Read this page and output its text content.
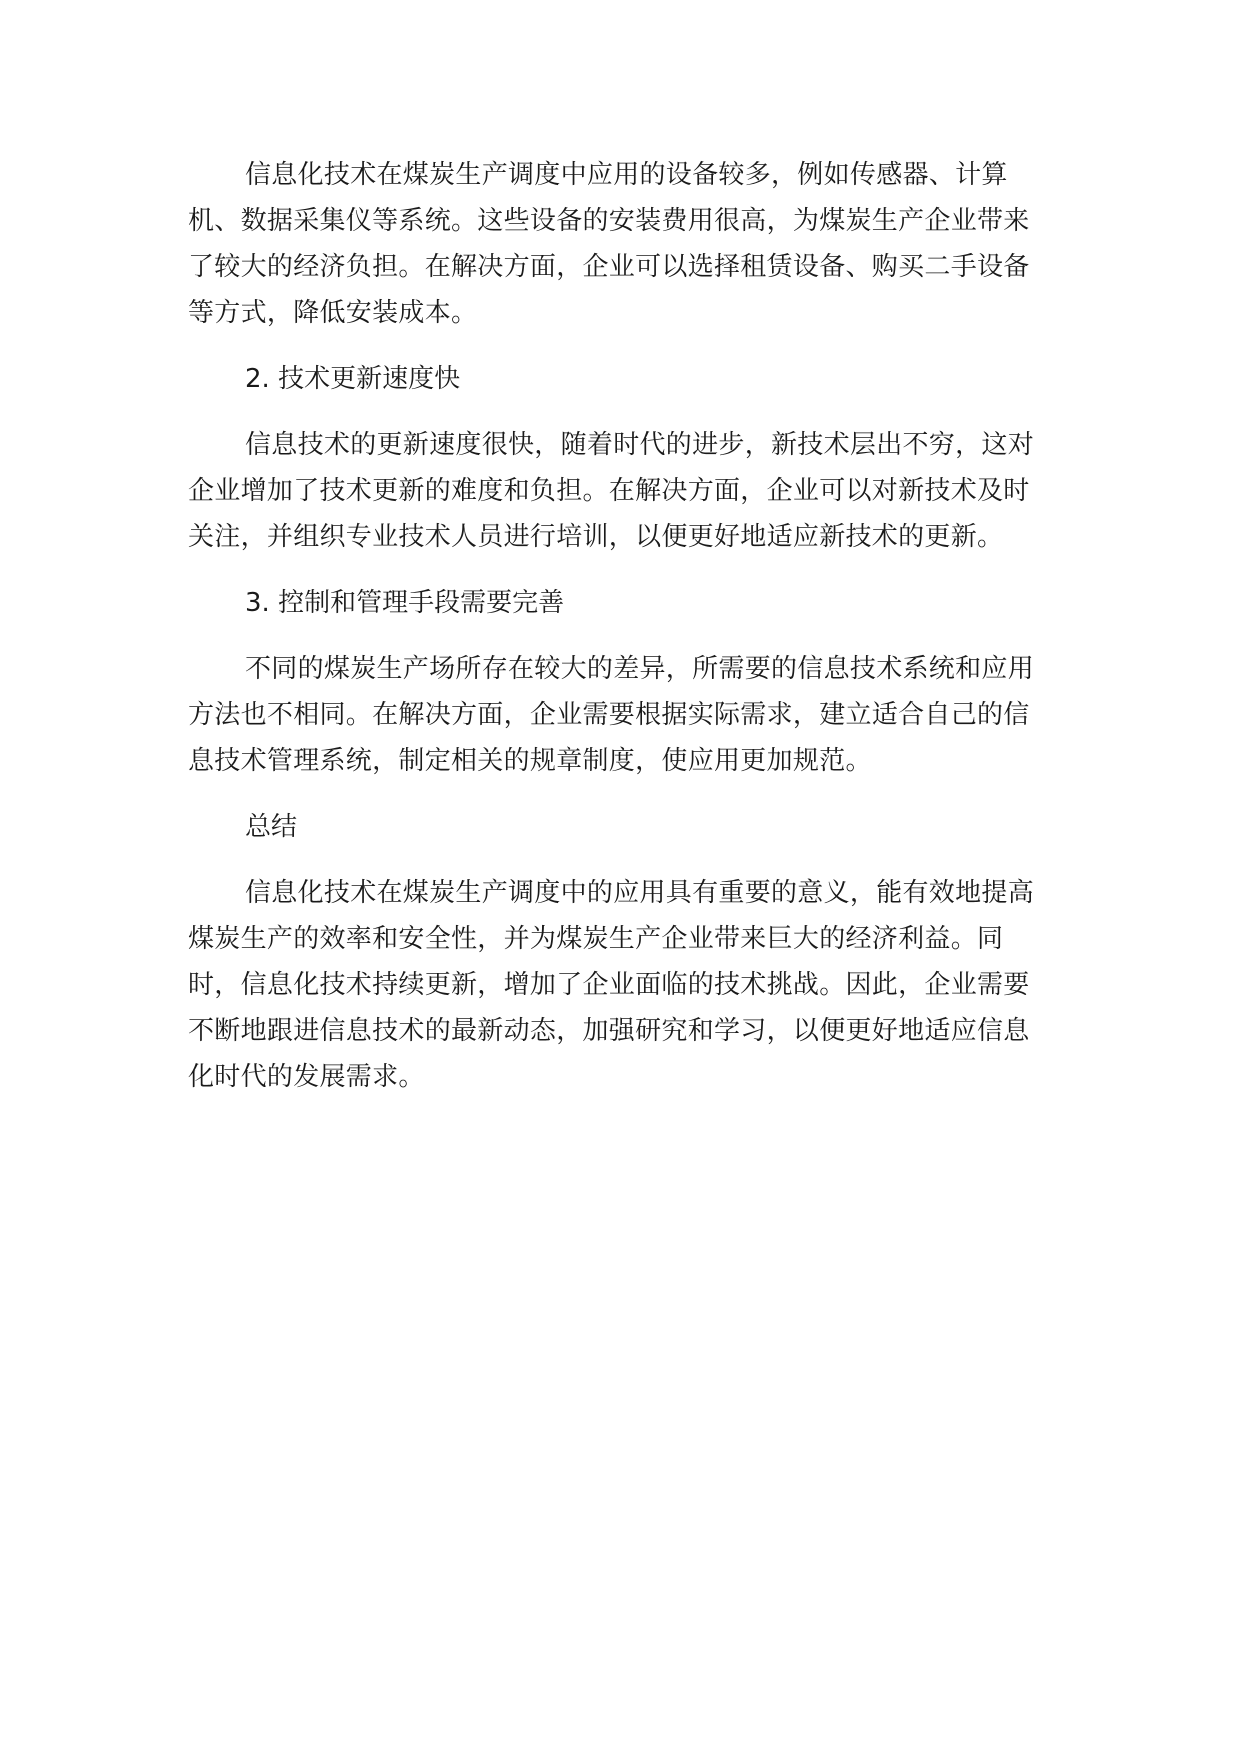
信息化技术在煤炭生产调度中应用的设备较多，例如传感器、计算机、数据采集仪等系统。这些设备的安装费用很高，为煤炭生产企业带来了较大的经济负担。在解决方面，企业可以选择租赁设备、购买二手设备等方式，降低安装成本。

2. 技术更新速度快

信息技术的更新速度很快，随着时代的进步，新技术层出不穷，这对企业增加了技术更新的难度和负担。在解决方面，企业可以对新技术及时关注，并组织专业技术人员进行培训，以便更好地适应新技术的更新。

3. 控制和管理手段需要完善

不同的煤炭生产场所存在较大的差异，所需要的信息技术系统和应用方法也不相同。在解决方面，企业需要根据实际需求，建立适合自己的信息技术管理系统，制定相关的规章制度，使应用更加规范。

总结

信息化技术在煤炭生产调度中的应用具有重要的意义，能有效地提高煤炭生产的效率和安全性，并为煤炭生产企业带来巨大的经济利益。同时，信息化技术持续更新，增加了企业面临的技术挑战。因此，企业需要不断地跟进信息技术的最新动态，加强研究和学习，以便更好地适应信息化时代的发展需求。
